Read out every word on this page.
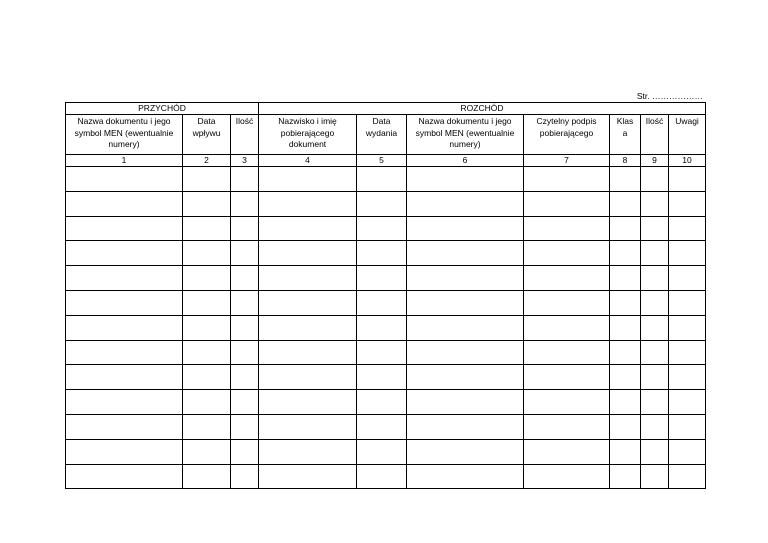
Str. ………………
PRZYCHÓD			ROZCHÓD						

Nazwa dokumentu i jego symbol MEN (ewentualnie numery)	Data wpływu	Ilość	Nazwisko i imię pobierającego dokument	Data wydania	Nazwa dokumentu i jego symbol MEN (ewentualnie numery)	Czytelny podpis pobierającego	Klasa	Ilość	Uwagi

1	2	3	4	5	6	7	8	9	10
